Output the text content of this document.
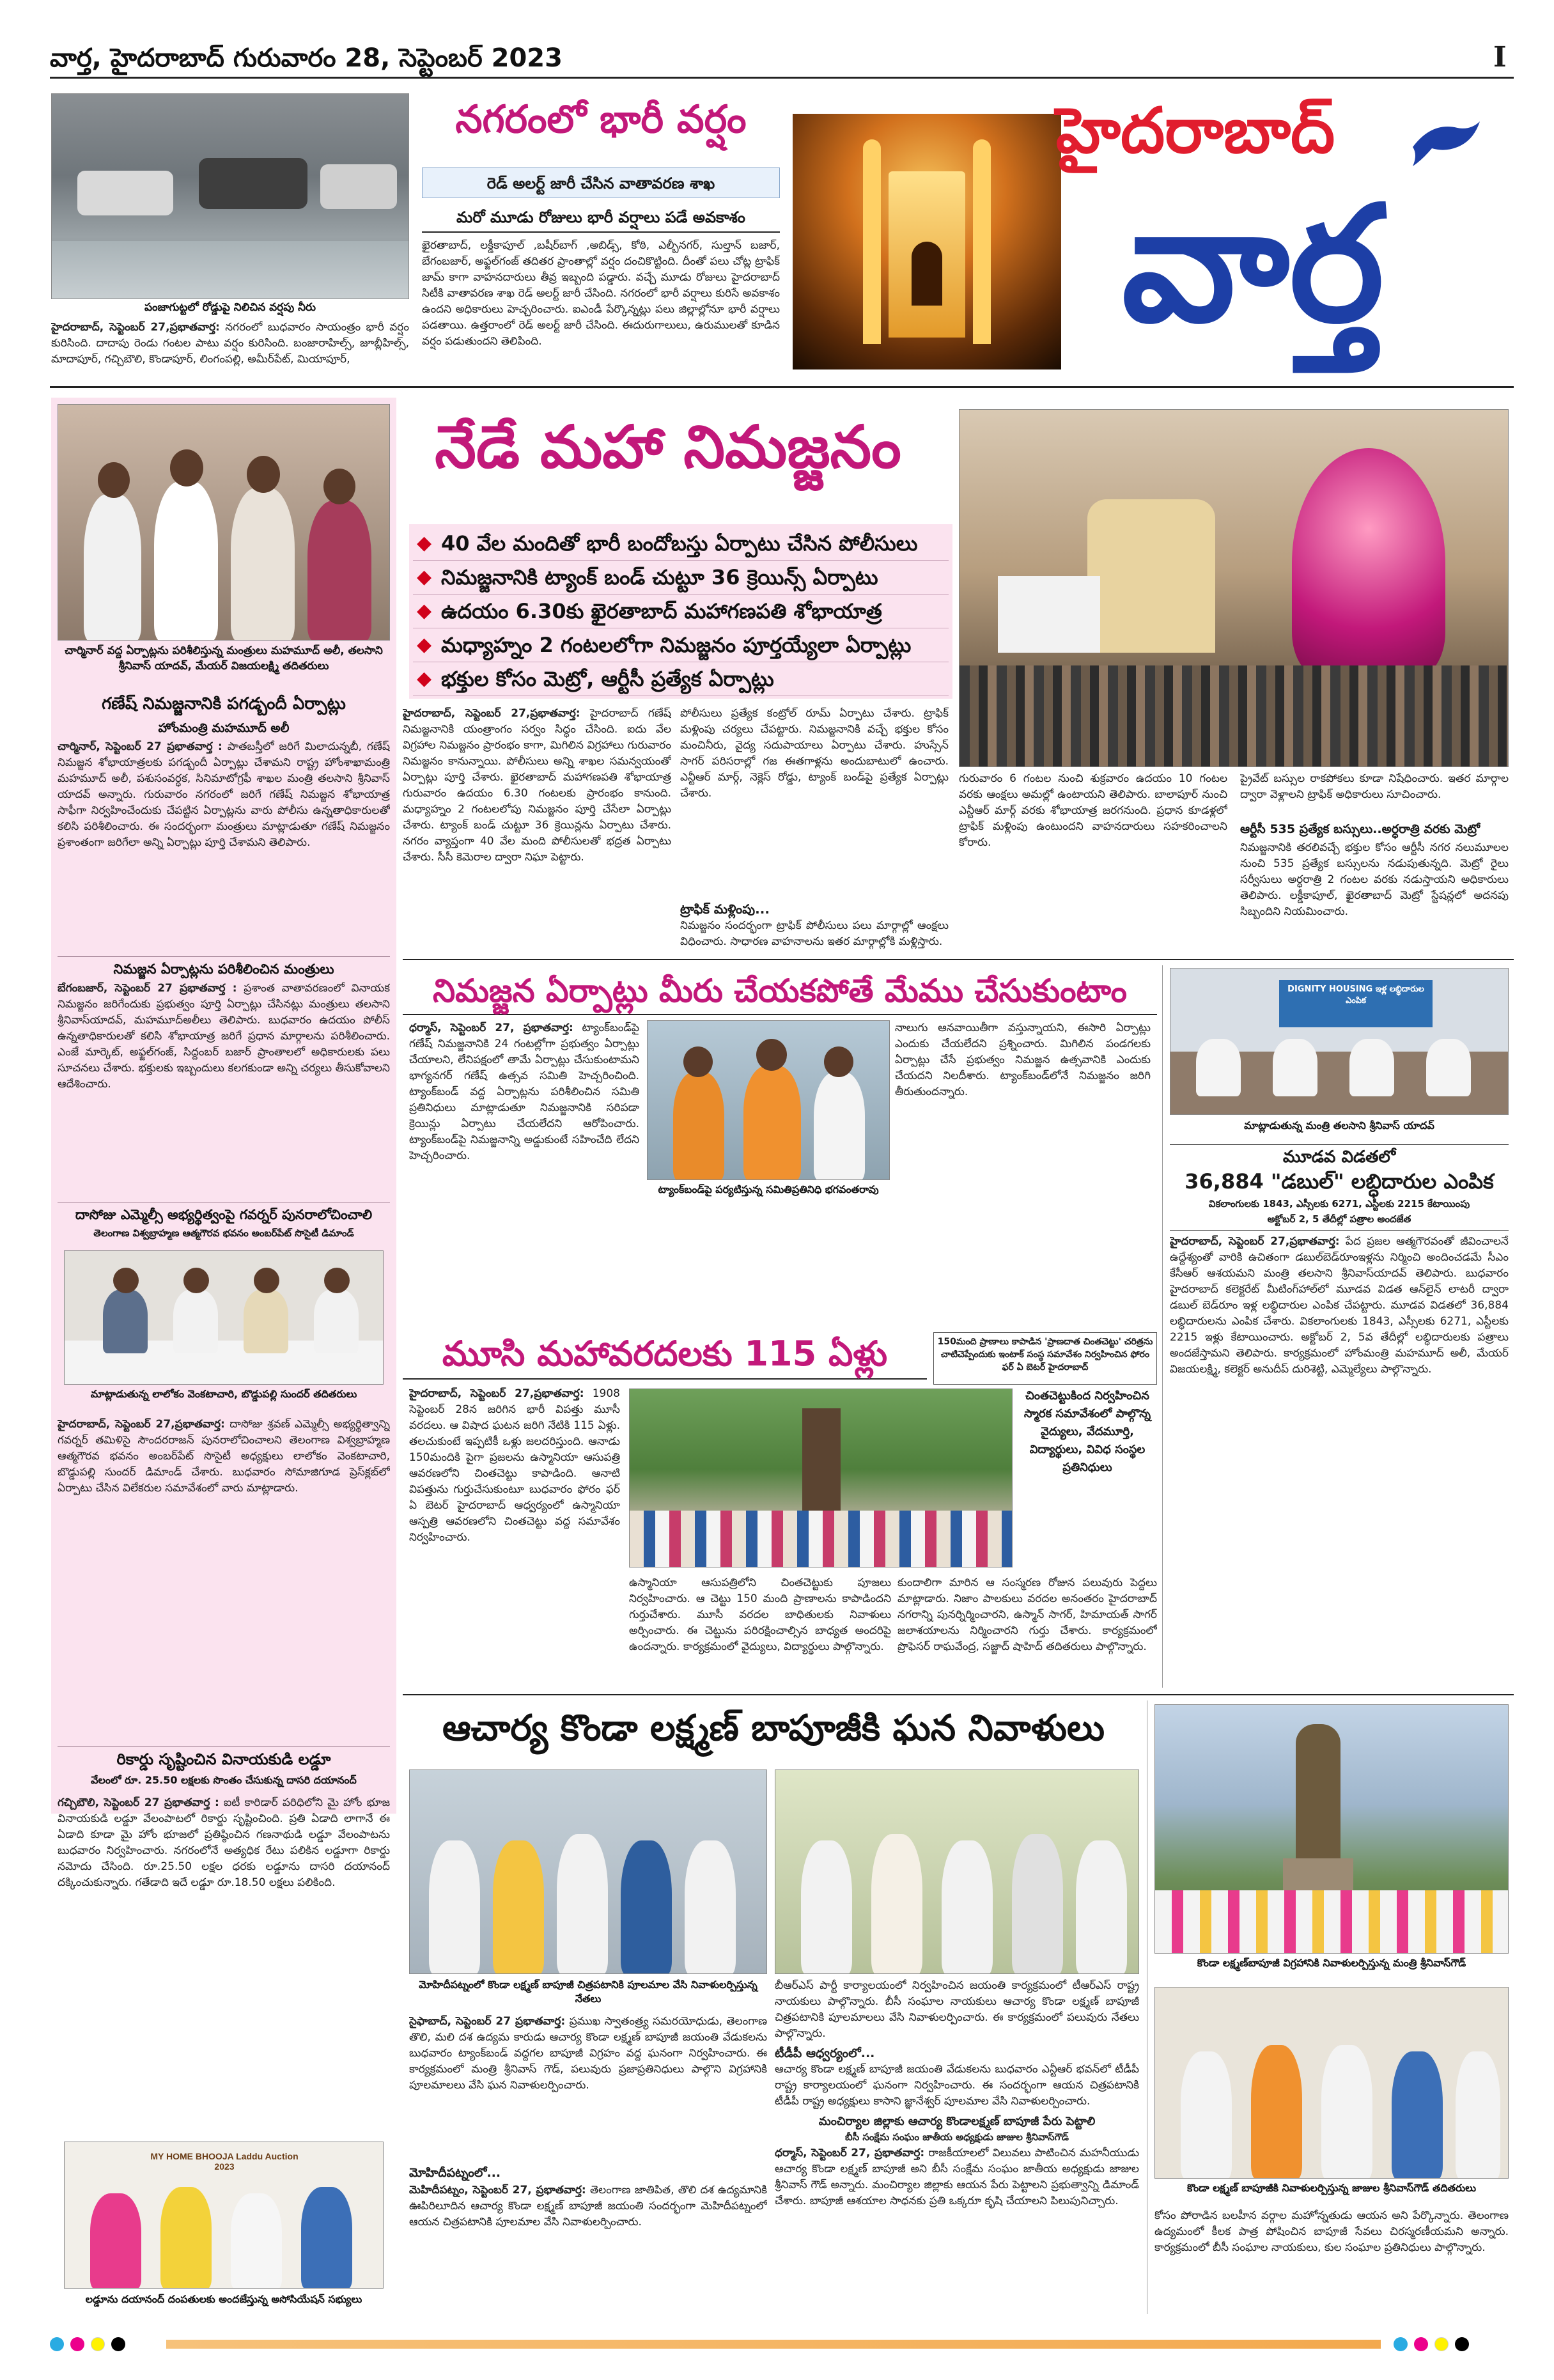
వార్త, హైదరాబాద్ గురువారం 28, సెప్టెంబర్ 2023	I
పంజాగుట్టలో రోడ్డుపై నిలిచిన వర్షపు నీరు
నగరంలో భారీ వర్షం
రెడ్ అలర్ట్ జారీ చేసిన వాతావరణ శాఖ
మరో మూడు రోజులు భారీ వర్షాలు పడే అవకాశం
ఖైరతాబాద్, లక్డీకాపూల్ ,బషీర్‌బాగ్ ,అబిడ్స్, కోఠి, ఎల్బీనగర్, సుల్తాన్ బజార్, బేగంబజార్, అఫ్జల్‌గంజ్ తదితర ప్రాంతాల్లో వర్షం దంచికొట్టింది. దీంతో పలు చోట్ల ట్రాఫిక్ జామ్ కాగా వాహనదారులు తీవ్ర ఇబ్బంది పడ్డారు. వచ్చే మూడు రోజులు హైదరాబాద్ సిటీకి వాతావరణ శాఖ రెడ్ అలర్ట్ జారీ చేసింది. నగరంలో భారీ వర్షాలు కురిసే అవకాశం ఉందని అధికారులు హెచ్చరించారు. ఐఎండీ పేర్కొన్నట్లు పలు జిల్లాల్లోనూ భారీ వర్షాలు పడతాయి. ఉత్తరాంలో రెడ్ అలర్ట్ జారీ చేసింది. ఈదురుగాలులు, ఉరుములతో కూడిన వర్షం పడుతుందని తెలిపింది.
హైదరాబాద్, సెప్టెంబర్ 27,ప్రభాతవార్త: నగరంలో బుధవారం సాయంత్రం భారీ వర్షం కురిసింది. దాదాపు రెండు గంటల పాటు వర్షం కురిసింది. బంజారాహిల్స్, జూబ్లీహిల్స్, మాదాపూర్, గచ్చిబౌలి, కొండాపూర్, లింగంపల్లి, అమీర్‌పేట్, మియాపూర్,
హైదరాబాద్
వార్త
చార్మినార్ వద్ద ఏర్పాట్లను పరిశీలిస్తున్న మంత్రులు మహమూద్ అలీ, తలసాని శ్రీనివాస్ యాదవ్, మేయర్ విజయలక్ష్మి తదితరులు
గణేష్ నిమజ్జనానికి పగడ్బందీ ఏర్పాట్లు
హోంమంత్రి మహమూద్ అలీ
చార్మినార్, సెప్టెంబర్ 27 ప్రభాతవార్త : పాతబస్తీలో జరిగే మిలాదున్నబీ, గణేష్ నిమజ్జన శోభాయాత్రలకు పగడ్బందీ ఏర్పాట్లు చేశామని రాష్ట్ర హోంశాఖామంత్రి మహమూద్ అలీ, పశుసంవర్ధక, సినిమాటోగ్రఫీ శాఖల మంత్రి తలసాని శ్రీనివాస్ యాదవ్ అన్నారు. గురువారం నగరంలో జరిగే గణేష్ నిమజ్జన శోభాయాత్ర సాఫీగా నిర్వహించేందుకు చేపట్టిన ఏర్పాట్లను వారు పోలీసు ఉన్నతాధికారులతో కలిసి పరిశీలించారు. ఈ సందర్భంగా మంత్రులు మాట్లాడుతూ గణేష్ నిమజ్జనం ప్రశాంతంగా జరిగేలా అన్ని ఏర్పాట్లు పూర్తి చేశామని తెలిపారు.
నిమజ్జన ఏర్పాట్లను పరిశీలించిన మంత్రులు
బేగంబజార్, సెప్టెంబర్ 27 ప్రభాతవార్త : ప్రశాంత వాతావరణంలో వినాయక నిమజ్జనం జరిగేందుకు ప్రభుత్వం పూర్తి ఏర్పాట్లు చేసినట్లు మంత్రులు తలసాని శ్రీనివాస్‌యాదవ్, మహమూద్‌అలీలు తెలిపారు. బుధవారం ఉదయం పోలీస్ ఉన్నతాధికారులతో కలిసి శోభాయాత్ర జరిగే ప్రధాన మార్గాలను పరిశీలించారు. ఎంజే మార్కెట్, అఫ్జల్‌గంజ్, సిద్దంబర్ బజార్ ప్రాంతాలలో అధికారులకు పలు సూచనలు చేశారు. భక్తులకు ఇబ్బందులు కలగకుండా అన్ని చర్యలు తీసుకోవాలని ఆదేశించారు.
దాసోజు ఎమ్మెల్సీ అభ్యర్థిత్వంపై గవర్నర్ పునరాలోచించాలి
తెలంగాణ విశ్వబ్రాహ్మణ ఆత్మగౌరవ భవనం అంబర్‌పేట్ సొసైటీ డిమాండ్
మాట్లాడుతున్న లాలోకం వెంకటాచారి, బొడ్డుపల్లి సుందర్ తదితరులు
హైదరాబాద్, సెప్టెంబర్ 27,ప్రభాతవార్త: దాసోజు శ్రవణ్ ఎమ్మెల్సీ అభ్యర్థిత్వాన్ని గవర్నర్ తమిళిసై సౌందరరాజన్ పునరాలోచించాలని తెలంగాణ విశ్వబ్రాహ్మణ ఆత్మగౌరవ భవనం అంబర్‌పేట్ సొసైటీ అధ్యక్షులు లాలోకం వెంకటాచారి, బొడ్డుపల్లి సుందర్ డిమాండ్ చేశారు. బుధవారం సోమాజిగూడ ప్రెస్‌క్లబ్‌లో ఏర్పాటు చేసిన విలేకరుల సమావేశంలో వారు మాట్లాడారు.
రికార్డు సృష్టించిన వినాయకుడి లడ్డూ
వేలంలో రూ. 25.50 లక్షలకు సొంతం చేసుకున్న దాసరి దయానంద్
నేడే మహా నిమజ్జనం
◆ 40 వేల మందితో భారీ బందోబస్తు ఏర్పాటు చేసిన పోలీసులు
◆ నిమజ్జనానికి ట్యాంక్ బండ్ చుట్టూ 36 క్రెయిన్స్ ఏర్పాటు
◆ ఉదయం 6.30కు ఖైరతాబాద్ మహాగణపతి శోభాయాత్ర
◆ మధ్యాహ్నం 2 గంటలలోగా నిమజ్జనం పూర్తయ్యేలా ఏర్పాట్లు
◆ భక్తుల కోసం మెట్రో, ఆర్టీసీ ప్రత్యేక ఏర్పాట్లు
హైదరాబాద్, సెప్టెంబర్ 27,ప్రభాతవార్త: హైదరాబాద్ గణేష్ నిమజ్జనానికి యంత్రాంగం సర్వం సిద్ధం చేసింది. ఐదు వేల విగ్రహాల నిమజ్జనం ప్రారంభం కాగా, మిగిలిన విగ్రహాలు గురువారం నిమజ్జనం కానున్నాయి. పోలీసులు అన్ని శాఖల సమన్వయంతో ఏర్పాట్లు పూర్తి చేశారు. ఖైరతాబాద్ మహాగణపతి శోభాయాత్ర గురువారం ఉదయం 6.30 గంటలకు ప్రారంభం కానుంది. మధ్యాహ్నం 2 గంటలలోపు నిమజ్జనం పూర్తి చేసేలా ఏర్పాట్లు చేశారు. ట్యాంక్ బండ్ చుట్టూ 36 క్రెయిన్లను ఏర్పాటు చేశారు. నగరం వ్యాప్తంగా 40 వేల మంది పోలీసులతో భద్రత ఏర్పాటు చేశారు. సీసీ కెమెరాల ద్వారా నిఘా పెట్టారు.
పోలీసులు ప్రత్యేక కంట్రోల్ రూమ్ ఏర్పాటు చేశారు. ట్రాఫిక్ మళ్లింపు చర్యలు చేపట్టారు. నిమజ్జనానికి వచ్చే భక్తుల కోసం మంచినీరు, వైద్య సదుపాయాలు ఏర్పాటు చేశారు. హుస్సేన్ సాగర్ పరిసరాల్లో గజ ఈతగాళ్లను అందుబాటులో ఉంచారు. ఎన్టీఆర్ మార్గ్, నెక్లెస్ రోడ్డు, ట్యాంక్ బండ్‌పై ప్రత్యేక ఏర్పాట్లు చేశారు.
ట్రాఫిక్ మళ్లింపు...
నిమజ్జనం సందర్భంగా ట్రాఫిక్ పోలీసులు పలు మార్గాల్లో ఆంక్షలు విధించారు. సాధారణ వాహనాలను ఇతర మార్గాల్లోకి మళ్లిస్తారు.
గురువారం 6 గంటల నుంచి శుక్రవారం ఉదయం 10 గంటల వరకు ఆంక్షలు అమల్లో ఉంటాయని తెలిపారు. బాలాపూర్ నుంచి ఎన్టీఆర్ మార్గ్ వరకు శోభాయాత్ర జరగనుంది. ప్రధాన కూడళ్లలో ట్రాఫిక్ మళ్లింపు ఉంటుందని వాహనదారులు సహకరించాలని కోరారు.
ప్రైవేట్ బస్సుల రాకపోకలు కూడా నిషేధించారు. ఇతర మార్గాల ద్వారా వెళ్లాలని ట్రాఫిక్ అధికారులు సూచించారు.
ఆర్టీసీ 535 ప్రత్యేక బస్సులు..అర్ధరాత్రి వరకు మెట్రో
నిమజ్జనానికి తరలివచ్చే భక్తుల కోసం ఆర్టీసీ నగర నలుమూలల నుంచి 535 ప్రత్యేక బస్సులను నడుపుతున్నది. మెట్రో రైలు సర్వీసులు అర్ధరాత్రి 2 గంటల వరకు నడుస్తాయని అధికారులు తెలిపారు. లక్డీకాపూల్, ఖైరతాబాద్ మెట్రో స్టేషన్లలో అదనపు సిబ్బందిని నియమించారు.
నిమజ్జన ఏర్పాట్లు మీరు చేయకపోతే మేము చేసుకుంటాం
ధర్మాస్, సెప్టెంబర్ 27, ప్రభాతవార్త: ట్యాంక్‌బండ్‌పై గణేష్ నిమజ్జనానికి 24 గంటల్లోగా ప్రభుత్వం ఏర్పాట్లు చేయాలని, లేనిపక్షంలో తామే ఏర్పాట్లు చేసుకుంటామని భాగ్యనగర్ గణేష్ ఉత్సవ సమితి హెచ్చరించింది. ట్యాంక్‌బండ్ వద్ద ఏర్పాట్లను పరిశీలించిన సమితి ప్రతినిధులు మాట్లాడుతూ నిమజ్జనానికి సరిపడా క్రెయిన్లు ఏర్పాటు చేయలేదని ఆరోపించారు. ట్యాంక్‌బండ్‌పై నిమజ్జనాన్ని అడ్డుకుంటే సహించేది లేదని హెచ్చరించారు.
ట్యాంక్‌బండ్‌పై పర్యటిస్తున్న సమితిప్రతినిధి భగవంతరావు
నాలుగు ఆనవాయితీగా వస్తున్నాయని, ఈసారి ఏర్పాట్లు ఎందుకు చేయలేదని ప్రశ్నించారు. మిగిలిన పండగలకు ఏర్పాట్లు చేసే ప్రభుత్వం నిమజ్జన ఉత్సవానికి ఎందుకు చేయదని నిలదీశారు. ట్యాంక్‌బండ్‌లోనే నిమజ్జనం జరిగి తీరుతుందన్నారు.
DIGNITY HOUSING ఇళ్ల లబ్ధిదారుల ఎంపిక
మాట్లాడుతున్న మంత్రి తలసాని శ్రీనివాస్ యాదవ్
మూడవ విడతలో
36,884 "డబుల్" లబ్ధిదారుల ఎంపిక
వికలాంగులకు 1843, ఎస్సీలకు 6271, ఎస్టీలకు 2215 కేటాయింపు
అక్టోబర్ 2, 5 తేదీల్లో పత్రాల అందజేత
హైదరాబాద్, సెప్టెంబర్ 27,ప్రభాతవార్త: పేద ప్రజల ఆత్మగౌరవంతో జీవించాలనే ఉద్దేశ్యంతో వారికి ఉచితంగా డబుల్‌బెడ్‌రూంఇళ్లను నిర్మించి అందించడమే సీఎం కేసీఆర్ ఆశయమని మంత్రి తలసాని శ్రీనివాస్‌యాదవ్ తెలిపారు. బుధవారం హైదరాబాద్ కలెక్టరేట్ మీటింగ్‌హాల్‌లో మూడవ విడత ఆన్‌లైన్ లాటరీ ద్వారా డబుల్ బెడ్‌రూం ఇళ్ల లబ్ధిదారుల ఎంపిక చేపట్టారు. మూడవ విడతలో 36,884 లబ్ధిదారులను ఎంపిక చేశారు. వికలాంగులకు 1843, ఎస్సీలకు 6271, ఎస్టీలకు 2215 ఇళ్లు కేటాయించారు. అక్టోబర్ 2, 5వ తేదీల్లో లబ్ధిదారులకు పత్రాలు అందజేస్తామని తెలిపారు. కార్యక్రమంలో హోంమంత్రి మహమూద్ అలీ, మేయర్ విజయలక్ష్మి, కలెక్టర్ అనుదీప్ దురిశెట్టి, ఎమ్మెల్యేలు పాల్గొన్నారు.
మూసి మహావరదలకు 115 ఏళ్లు	150మంది ప్రాణాలు కాపాడిన 'ప్రాణదాత చింతచెట్టు' చరిత్రను చాటిచెప్పేందుకు ఇంటాక్ సంస్థ సమావేశం నిర్వహించిన ఫోరం ఫర్ ఏ బెటర్ హైదరాబాద్
హైదరాబాద్, సెప్టెంబర్ 27,ప్రభాతవార్త: 1908 సెప్టెంబర్ 28న జరిగిన భారీ విపత్తు మూసీ వరదలు. ఆ విషాద ఘటన జరిగి నేటికి 115 ఏళ్లు. తలచుకుంటే ఇప్పటికీ ఒళ్లు జలదరిస్తుంది. ఆనాడు 150మందికి పైగా ప్రజలను ఉస్మానియా ఆసుపత్రి ఆవరణలోని చింతచెట్టు కాపాడింది. ఆనాటి విపత్తును గుర్తుచేసుకుంటూ బుధవారం ఫోరం ఫర్ ఏ బెటర్ హైదరాబాద్ ఆధ్వర్యంలో ఉస్మానియా ఆస్పత్రి ఆవరణలోని చింతచెట్టు వద్ద సమావేశం నిర్వహించారు.
చింతచెట్టుకింద నిర్వహించిన స్మారక సమావేశంలో పాల్గొన్న వైద్యులు, వేదమూర్తి, విద్యార్థులు, వివిధ సంస్థల ప్రతినిధులు
ఉస్మానియా ఆసుపత్రిలోని చింతచెట్టుకు పూజలు నిర్వహించారు. ఆ చెట్టు 150 మంది ప్రాణాలను కాపాడిందని గుర్తుచేశారు. మూసీ వరదల బాధితులకు నివాళులు అర్పించారు. ఈ చెట్టును పరిరక్షించాల్సిన బాధ్యత అందరిపై ఉందన్నారు. కార్యక్రమంలో వైద్యులు, విద్యార్థులు పాల్గొన్నారు.
కుందాలిగా మారిన ఆ సంస్మరణ రోజున పలువురు పెద్దలు మాట్లాడారు. నిజాం పాలకులు వరదల అనంతరం హైదరాబాద్ నగరాన్ని పునర్నిర్మించారని, ఉస్మాన్ సాగర్, హిమాయత్ సాగర్ జలాశయాలను నిర్మించారని గుర్తు చేశారు. కార్యక్రమంలో ప్రొఫెసర్ రాఘవేంద్ర, సజ్జాద్ షాహిద్ తదితరులు పాల్గొన్నారు.
గచ్చిబౌలి, సెప్టెంబర్ 27 ప్రభాతవార్త : ఐటీ కారిడార్ పరిధిలోని మై హోం భూజ వినాయకుడి లడ్డూ వేలంపాటలో రికార్డు సృష్టించింది. ప్రతి ఏడాది లాగానే ఈ ఏడాది కూడా మై హోం భూజలో ప్రతిష్ఠించిన గణనాథుడి లడ్డూ వేలంపాటను బుధవారం నిర్వహించారు. నగరంలోనే అత్యధిక రేటు పలికిన లడ్డూగా రికార్డు నమోదు చేసింది. రూ.25.50 లక్షల ధరకు లడ్డూను దాసరి దయానంద్ దక్కించుకున్నారు. గతేడాది ఇదే లడ్డూ రూ.18.50 లక్షలు పలికింది.
MY HOME BHOOJA Laddu Auction 2023
లడ్డూను దయానంద్ దంపతులకు అందజేస్తున్న అసోసియేషన్ సభ్యులు
ఆచార్య కొండా లక్ష్మణ్ బాపూజీకి ఘన నివాళులు
మోహిదీపట్నంలో కొండా లక్ష్మణ్ బాపూజీ చిత్రపటానికి పూలమాల వేసి నివాళులర్పిస్తున్న నేతలు
సైఫాబాద్, సెప్టెంబర్ 27 ప్రభాతవార్త: ప్రముఖ స్వాతంత్ర్య సమరయోధుడు, తెలంగాణ తొలి, మలి దశ ఉద్యమ కారుడు ఆచార్య కొండా లక్ష్మణ్ బాపూజీ జయంతి వేడుకలను బుధవారం ట్యాంక్‌బండ్ వద్దగల బాపూజీ విగ్రహం వద్ద ఘనంగా నిర్వహించారు. ఈ కార్యక్రమంలో మంత్రి శ్రీనివాస్ గౌడ్, పలువురు ప్రజాప్రతినిధులు పాల్గొని విగ్రహానికి పూలమాలలు వేసి ఘన నివాళులర్పించారు.
మోహిదీపట్నంలో...
మెహిదీపట్నం, సెప్టెంబర్ 27, ప్రభాతవార్త: తెలంగాణ జాతిపిత, తొలి దశ ఉద్యమానికి ఊపిరిలూదిన ఆచార్య కొండా లక్ష్మణ్ బాపూజీ జయంతి సందర్భంగా మెహిదీపట్నంలో ఆయన చిత్రపటానికి పూలమాల వేసి నివాళులర్పించారు.
బీఆర్ఎస్ పార్టీ కార్యాలయంలో నిర్వహించిన జయంతి కార్యక్రమంలో టీఆర్ఎస్ రాష్ట్ర నాయకులు పాల్గొన్నారు. బీసీ సంఘాల నాయకులు ఆచార్య కొండా లక్ష్మణ్ బాపూజీ చిత్రపటానికి పూలమాలలు వేసి నివాళులర్పించారు. ఈ కార్యక్రమంలో పలువురు నేతలు పాల్గొన్నారు.
టీడీపీ ఆధ్వర్యంలో...
ఆచార్య కొండా లక్ష్మణ్ బాపూజీ జయంతి వేడుకలను బుధవారం ఎన్టీఆర్ భవన్‌లో టీడీపీ రాష్ట్ర కార్యాలయంలో ఘనంగా నిర్వహించారు. ఈ సందర్భంగా ఆయన చిత్రపటానికి టీడీపీ రాష్ట్ర అధ్యక్షులు కాసాని జ్ఞానేశ్వర్ పూలమాల వేసి నివాళులర్పించారు.
మంచిర్యాల జిల్లాకు ఆచార్య కొండాలక్ష్మణ్ బాపూజీ పేరు పెట్టాలి
బీసీ సంక్షేమ సంఘం జాతీయ అధ్యక్షుడు జాజుల శ్రీనివాస్‌గౌడ్
ధర్మాస్, సెప్టెంబర్ 27, ప్రభాతవార్త: రాజకీయాలలో విలువలు పాటించిన మహనీయుడు ఆచార్య కొండా లక్ష్మణ్ బాపూజీ అని బీసీ సంక్షేమ సంఘం జాతీయ అధ్యక్షుడు జాజుల శ్రీనివాస్ గౌడ్ అన్నారు. మంచిర్యాల జిల్లాకు ఆయన పేరు పెట్టాలని ప్రభుత్వాన్ని డిమాండ్ చేశారు. బాపూజీ ఆశయాల సాధనకు ప్రతి ఒక్కరూ కృషి చేయాలని పిలుపునిచ్చారు.
కొండా లక్ష్మణ్‌బాపూజీ విగ్రహానికి నివాళులర్పిస్తున్న మంత్రి శ్రీనివాస్‌గౌడ్
కొండా లక్ష్మణ్ బాపూజీకి నివాళులర్పిస్తున్న జాజుల శ్రీనివాస్‌గౌడ్ తదితరులు
కోసం పోరాడిన బలహీన వర్గాల మహోన్నతుడు ఆయన అని పేర్కొన్నారు. తెలంగాణ ఉద్యమంలో కీలక పాత్ర పోషించిన బాపూజీ సేవలు చిరస్మరణీయమని అన్నారు. కార్యక్రమంలో బీసీ సంఘాల నాయకులు, కుల సంఘాల ప్రతినిధులు పాల్గొన్నారు.
